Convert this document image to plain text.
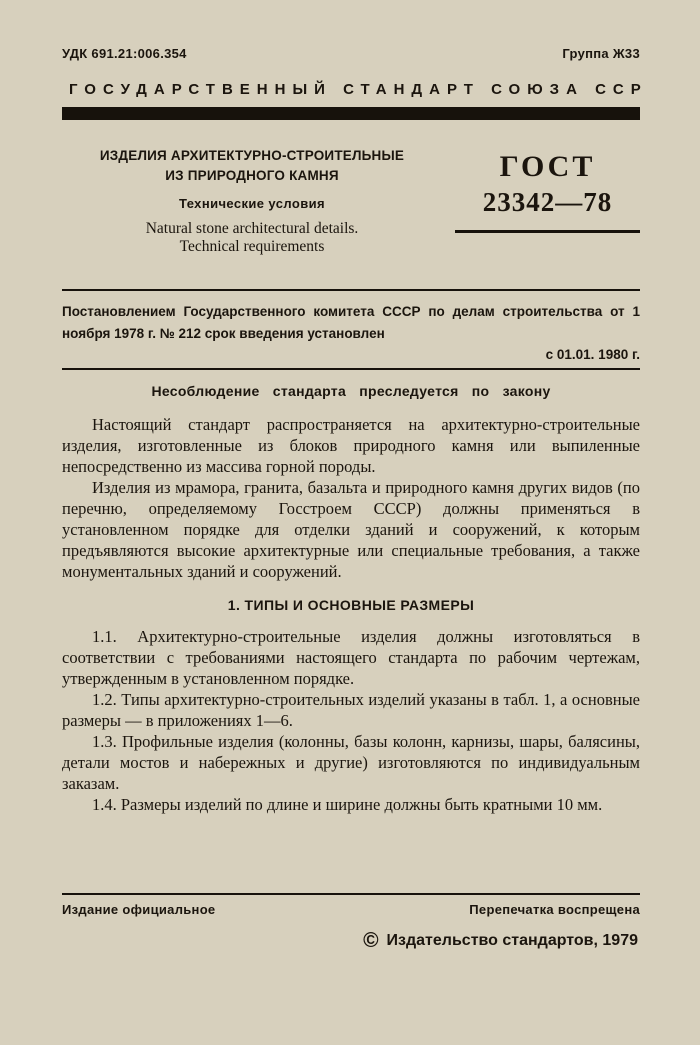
УДК 691.21:006.354	Группа Ж33
ГОСУДАРСТВЕННЫЙ СТАНДАРТ СОЮЗА ССР
ИЗДЕЛИЯ АРХИТЕКТУРНО-СТРОИТЕЛЬНЫЕ
ИЗ ПРИРОДНОГО КАМНЯ
Технические условия
Natural stone architectural details.
Technical requirements
ГОСТ
23342—78
Постановлением Государственного комитета СССР по делам строительства от 1 ноября 1978 г. № 212 срок введения установлен
с 01.01. 1980 г.
Несоблюдение стандарта преследуется по закону

Настоящий стандарт распространяется на архитектурно-строительные изделия, изготовленные из блоков природного камня или выпиленные непосредственно из массива горной породы.

Изделия из мрамора, гранита, базальта и природного камня других видов (по перечню, определяемому Госстроем СССР) должны применяться в установленном порядке для отделки зданий и сооружений, к которым предъявляются высокие архитектурные или специальные требования, а также монументальных зданий и сооружений.

1. ТИПЫ И ОСНОВНЫЕ РАЗМЕРЫ

1.1. Архитектурно-строительные изделия должны изготовляться в соответствии с требованиями настоящего стандарта по рабочим чертежам, утвержденным в установленном порядке.

1.2. Типы архитектурно-строительных изделий указаны в табл. 1, а основные размеры — в приложениях 1—6.

1.3. Профильные изделия (колонны, базы колонн, карнизы, шары, балясины, детали мостов и набережных и другие) изготовляются по индивидуальным заказам.

1.4. Размеры изделий по длине и ширине должны быть кратными 10 мм.

Издание официальное	Перепечатка воспрещена
© Издательство стандартов, 1979
